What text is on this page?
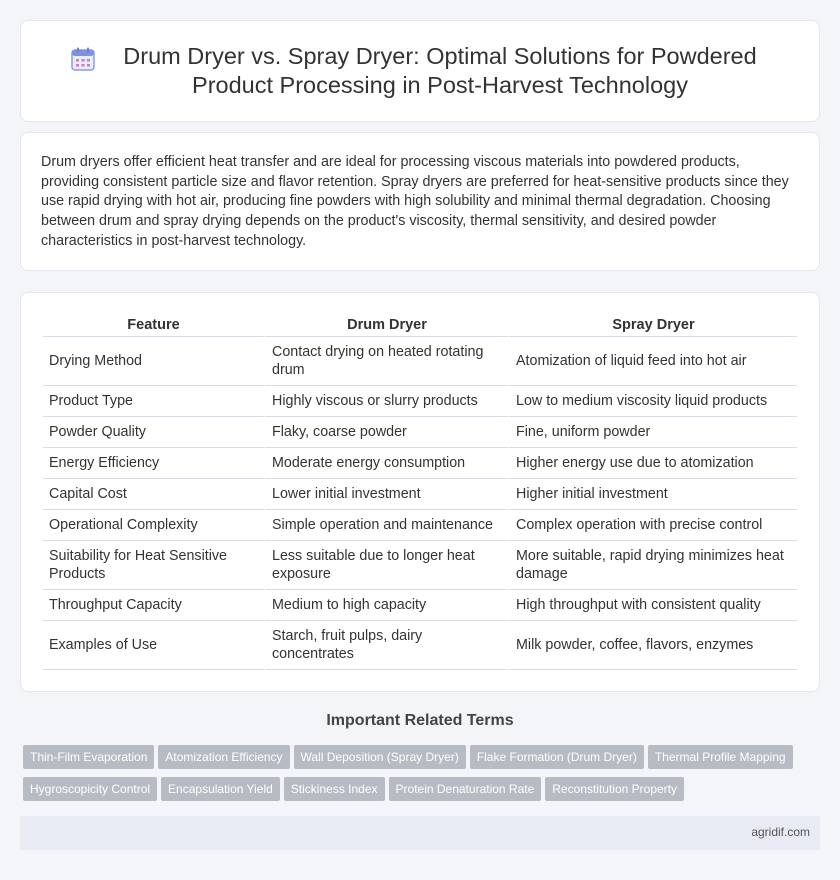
Drum Dryer vs. Spray Dryer: Optimal Solutions for Powdered Product Processing in Post-Harvest Technology

Drum dryers offer efficient heat transfer and are ideal for processing viscous materials into powdered products, providing consistent particle size and flavor retention. Spray dryers are preferred for heat-sensitive products since they use rapid drying with hot air, producing fine powders with high solubility and minimal thermal degradation. Choosing between drum and spray drying depends on the product's viscosity, thermal sensitivity, and desired powder characteristics in post-harvest technology.

Feature	Drum Dryer	Spray Dryer
Drying Method	Contact drying on heated rotating drum	Atomization of liquid feed into hot air
Product Type	Highly viscous or slurry products	Low to medium viscosity liquid products
Powder Quality	Flaky, coarse powder	Fine, uniform powder
Energy Efficiency	Moderate energy consumption	Higher energy use due to atomization
Capital Cost	Lower initial investment	Higher initial investment
Operational Complexity	Simple operation and maintenance	Complex operation with precise control
Suitability for Heat Sensitive Products	Less suitable due to longer heat exposure	More suitable, rapid drying minimizes heat damage
Throughput Capacity	Medium to high capacity	High throughput with consistent quality
Examples of Use	Starch, fruit pulps, dairy concentrates	Milk powder, coffee, flavors, enzymes
Important Related Terms
Thin-Film Evaporation Atomization Efficiency Wall Deposition (Spray Dryer) Flake Formation (Drum Dryer) Thermal Profile Mapping
Hygroscopicity Control Encapsulation Yield Stickiness Index Protein Denaturation Rate Reconstitution Property
agridif.com
